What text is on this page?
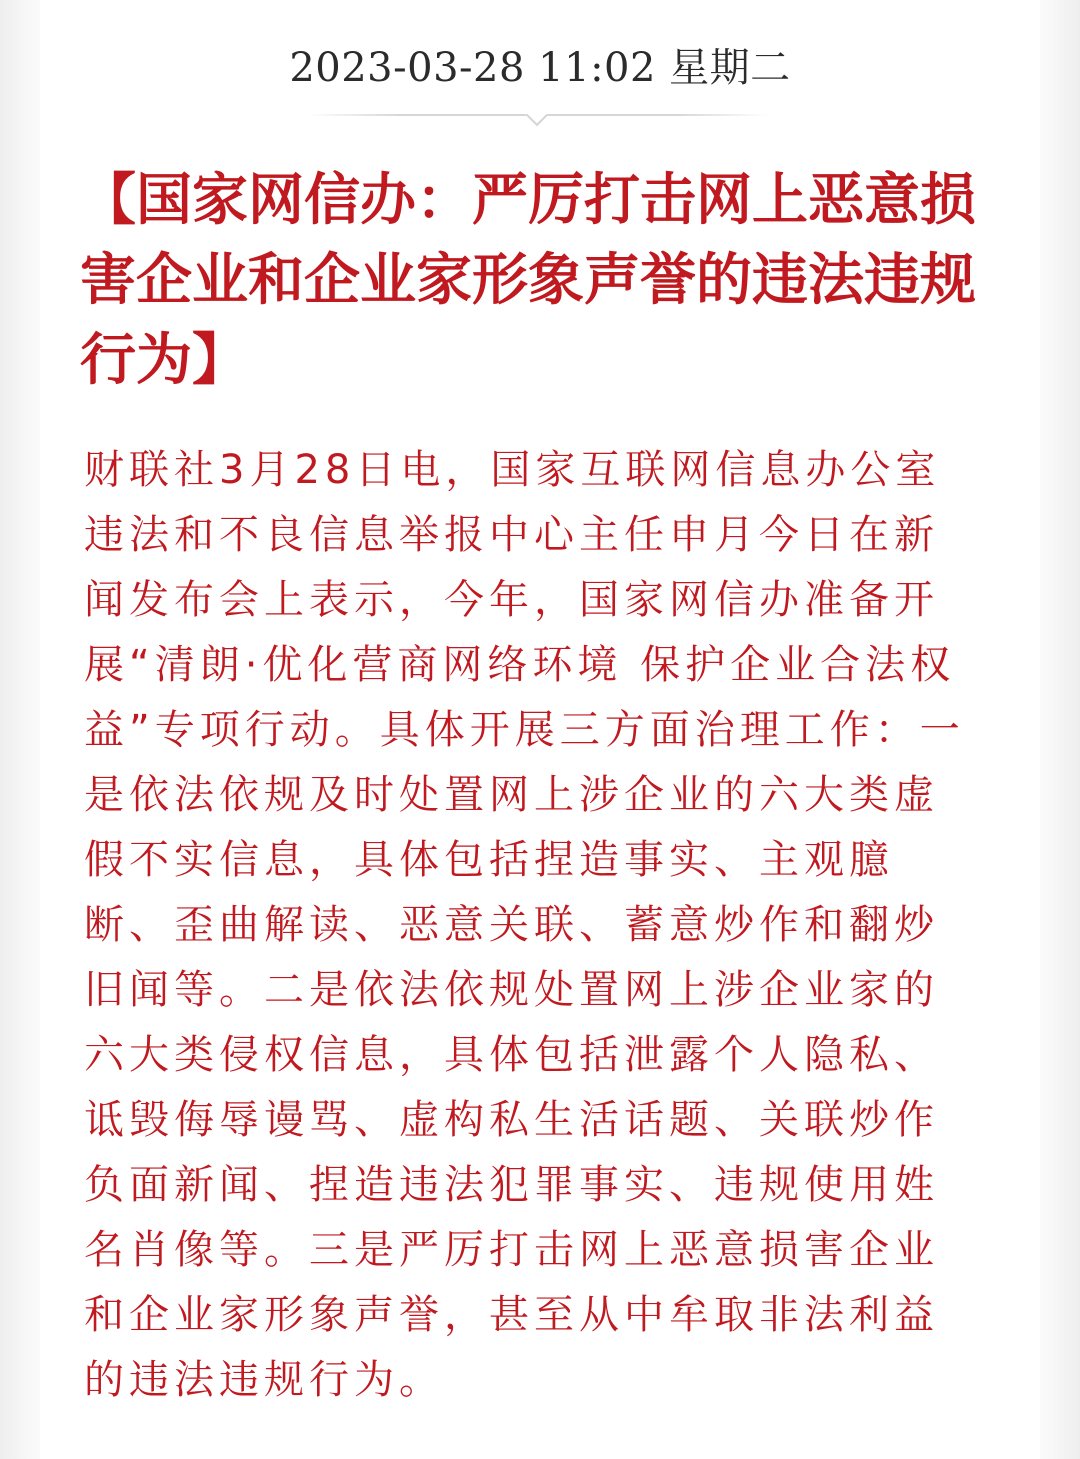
2023-03-28 11:02 星期二
【国家网信办：严厉打击网上恶意损害企业和企业家形象声誉的违法违规行为】

财联社3月28日电，国家互联网信息办公室违法和不良信息举报中心主任申月今日在新闻发布会上表示，今年，国家网信办准备开展“清朗·优化营商网络环境 保护企业合法权益”专项行动。具体开展三方面治理工作：一是依法依规及时处置网上涉企业的六大类虚假不实信息，具体包括捏造事实、主观臆断、歪曲解读、恶意关联、蓄意炒作和翻炒旧闻等。二是依法依规处置网上涉企业家的六大类侵权信息，具体包括泄露个人隐私、诋毁侮辱谩骂、虚构私生活话题、关联炒作负面新闻、捏造违法犯罪事实、违规使用姓名肖像等。三是严厉打击网上恶意损害企业和企业家形象声誉，甚至从中牟取非法利益的违法违规行为。
